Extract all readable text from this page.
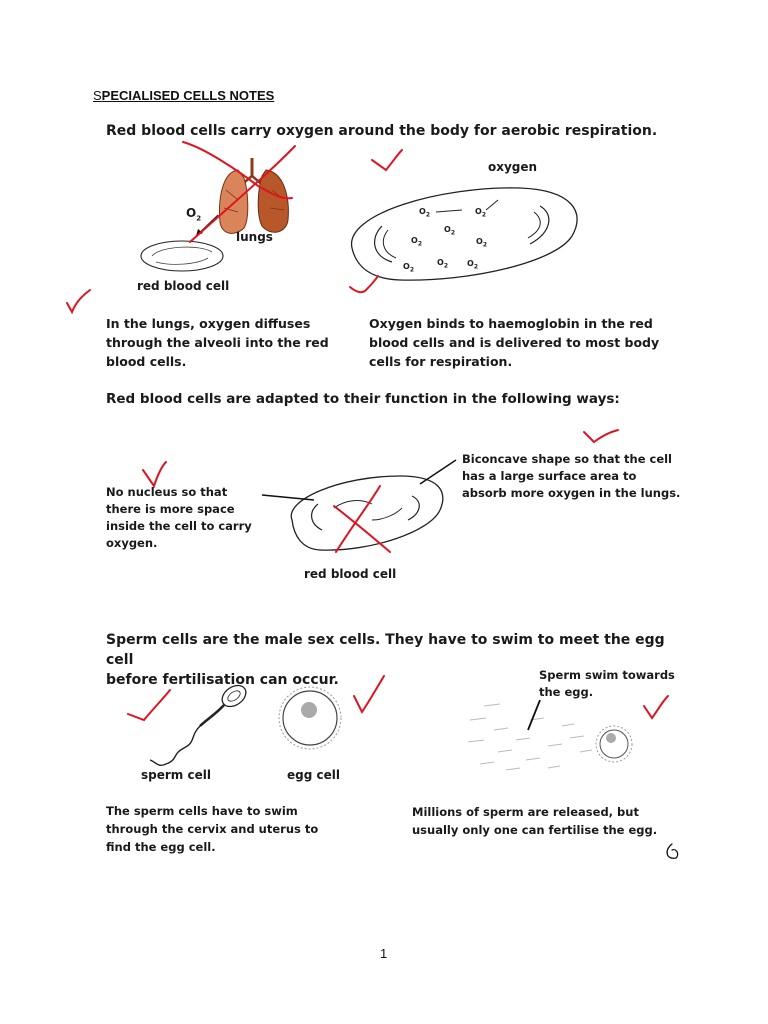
SPECIALISED CELLS NOTES
Red blood cells carry oxygen around the body for aerobic respiration.
$O_2$
lungs
red blood cell
oxygen
$O_2$	$O_2$
$O_2$
$O_2$	$O_2$
$O_2$
$O_2$ $O_2$
In the lungs, oxygen diffuses
through the alveoli into the red
blood cells.
Oxygen binds to haemoglobin in the red
blood cells and is delivered to most body
cells for respiration.
Red blood cells are adapted to their function in the following ways:
No nucleus so that
there is more space
inside the cell to carry
oxygen.
Biconcave shape so that the cell
has a large surface area to
absorb more oxygen in the lungs.
red blood cell
Sperm cells are the male sex cells. They have to swim to meet the egg cell
before fertilisation can occur.	Sperm swim towards
the egg.
sperm cell	egg cell
The sperm cells have to swim
through the cervix and uterus to
find the egg cell.
Millions of sperm are released, but
usually only one can fertilise the egg.
1
